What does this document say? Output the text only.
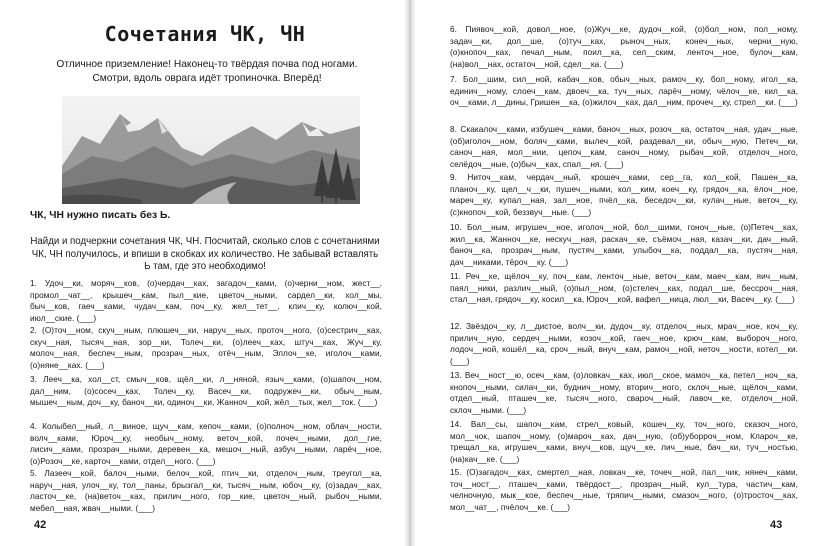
Сочетания ЧК, ЧН
Отличное приземление! Наконец-то твёрдая почва под ногами. Смотри, вдоль оврага идёт тропиночка. Вперёд!
ЧК, ЧН нужно писать без Ь.
Найди и подчеркни сочетания ЧК, ЧН. Посчитай, сколько слов с сочетаниями ЧК, ЧН получилось, и впиши в скобках их количество. Не забывай вставлять Ь там, где это необходимо!
1. Удоч__ки, моряч__ков, (о)чердач__ках, загадоч__ками, (о)черни__ном, жест__, промол__чат__, крышеч__кам, пыл__кие, цветоч__ными, сардел__ки, хол__мы, быч__ков, гаеч__ками, чудач__кам, поч__ку, жел__тет__, клич__ку, колюч__кой, июл__ские. (___)
2. (О)точ__ном, скуч__ным, плюшеч__ки, наруч__ных, проточ__ного, (о)сестрич__ках, скуч__ная, тысяч__ная, зор__ки, Толеч__ки, (о)лееч__ках, штуч__ках, Жуч__ку, молоч__ная, беспеч__ным, прозрач__ных, отёч__ным, Эллоч__ке, иголоч__ками, (о)няне__ках. (___)
3. Лееч__ка, хол__ст, смыч__ков, щёл__ки, л__няной, языч__ками, (о)шапоч__ном, дал__ним, (о)сосеч__ках, Толеч__ку, Васеч__ки, подружеч__ки, обыч__ным, мышеч__ным, доч__ку, баноч__ки, одиноч__ки, Жанноч__кой, жёл__тых, жел__ток. (___)
4. Колыбел__ный, л__виное, щуч__кам, кепоч__ками, (о)полноч__ном, облач__ности, волч__ками, Юроч__ку, необыч__ному, веточ__кой, почеч__ными, дол__гие, лисич__ками, прозрач__ными, деревен__ка, мешоч__ный, азбуч__ными, ларёч__ное, (о)Розоч__ке, карточ__ками, отдел__ного. (___)
5. Лазееч__кой, балоч__ными, белоч__кой, птич__ки, отделоч__ным, треугол__ка, наруч__ная, улоч__ку, тол__паны, брызгал__ки, тысяч__ным, юбоч__ку, (о)задач__ках, ласточ__ке, (на)веточ__ках, прилич__ного, гор__кие, цветоч__ный, рыбоч__ными, мебел__ная, жвач__ными. (___)
42
6. Пиявоч__кой, довол__ное, (о)Жуч__ке, дудоч__кой, (о)бол__ном, пол__ному, задач__ки, дол__ше, (о)туч__ках, рыноч__ных, конеч__ных, черни__ную, (о)кнопоч__ках, печал__ным, поил__ка, сел__ским, ленточ__ное, булоч__кам, (на)вол__нах, остаточ__ной, сдел__ка. (___)
7. Бол__шим, сил__ной, кабач__ков, обыч__ных, рамоч__ку, бол__ному, игол__ка, единич__ному, слоеч__кам, двоеч__ка, туч__ных, ларёч__ному, чёлоч__ке, кил__ка, оч__ками, л__дины, Гришен__ка, (о)жилоч__ках, дал__ним, прочеч__ку, стрел__ки. (___)
8. Скакалоч__ками, избушеч__ками, баноч__ных, розоч__ка, остаточ__ная, удач__ные, (об)иголоч__ном, боляч__ками, вылеч__кой, раздевал__ки, обыч__ную, Петеч__ки, саноч__ная, мол__нии, цепоч__кам, саноч__ному, рыбач__кой, отделоч__ного, селёдоч__ные, (о)быч__ках, спал__ня. (___)
9. Ниточ__кам, чердач__ный, крошеч__ками, сер__га, кол__кой, Пашен__ка, планоч__ку, щел__ч__ки, пушеч__ными, кол__ким, коеч__ку, грядоч__ка, ёлоч__ное, мареч__ку, купал__ная, зал__ное, пчёл__ка, беседоч__ки, кулач__ные, веточ__ку, (с)кнопоч__кой, беззвуч__ные. (___)
10. Бол__ным, игрушеч__ное, иголоч__ной, бол__шими, гоноч__ные, (о)Петеч__ках, жил__ка, Жанноч__ке, нескуч__ная, раскач__ке, съёмоч__ная, казач__ки, дач__ный, баноч__ка, прозрач__ным, пустяч__ками, улыбоч__ка, поддал__ка, пустяч__ная, дач__никами, тёроч__ку. (___)
11. Реч__ке, щёлоч__ку, поч__кам, ленточ__ные, веточ__кам, маеч__кам, яич__ным, паял__ники, различ__ный, (о)пыл__ном, (о)стелеч__ках, подал__ше, бессроч__ная, стал__ная, грядоч__ку, косил__ка, Юроч__кой, вафел__ница, люл__ки, Васеч__ку. (___)
12. Звёздоч__ку, л__дистое, волч__ки, дудоч__ку, отделоч__ных, мрач__ное, коч__ку, прилич__ную, сердеч__ными, козоч__кой, гаеч__ное, крюч__кам, выбороч__ного, лодоч__ной, кошёл__ка, сроч__ный, внуч__кам, рамоч__ной, неточ__ности, котел__ки. (___)
13. Веч__ност__ю, осеч__кам, (о)ловкач__ках, июл__ское, мамоч__ка, петел__ноч__ка, кнопоч__ными, силач__ки, буднич__ному, вторич__ного, склоч__ные, щёлоч__ками, отдел__ный, пташеч__ке, тысяч__ного, свароч__ный, лавоч__ке, отделоч__ной, склоч__ными. (___)
14. Вал__сы, шапоч__кам, стрел__ковый, кошеч__ку, точ__ного, сказоч__ного, мол__чок, шапоч__ному, (о)мароч__ках, дач__ную, (об)уборроч__ном, Клароч__ке, трещал__ка, игрушеч__ками, внуч__ков, щуч__ке, лич__ные, бач__ки, туч__ностью, (на)кач__ке. (___)
15. (О)загадоч__ках, смертел__ная, ловкач__ке, точеч__ной, пал__чик, нянеч__ками, точ__ност__, пташеч__ками, твёрдост__, прозрач__ный, кул__тура, частич__кам, челночную, мык__кое, беспеч__ные, тряпич__ными, смазоч__ного, (о)тросточ__ках, мол__чат__, пчёлоч__ке. (___)
43
